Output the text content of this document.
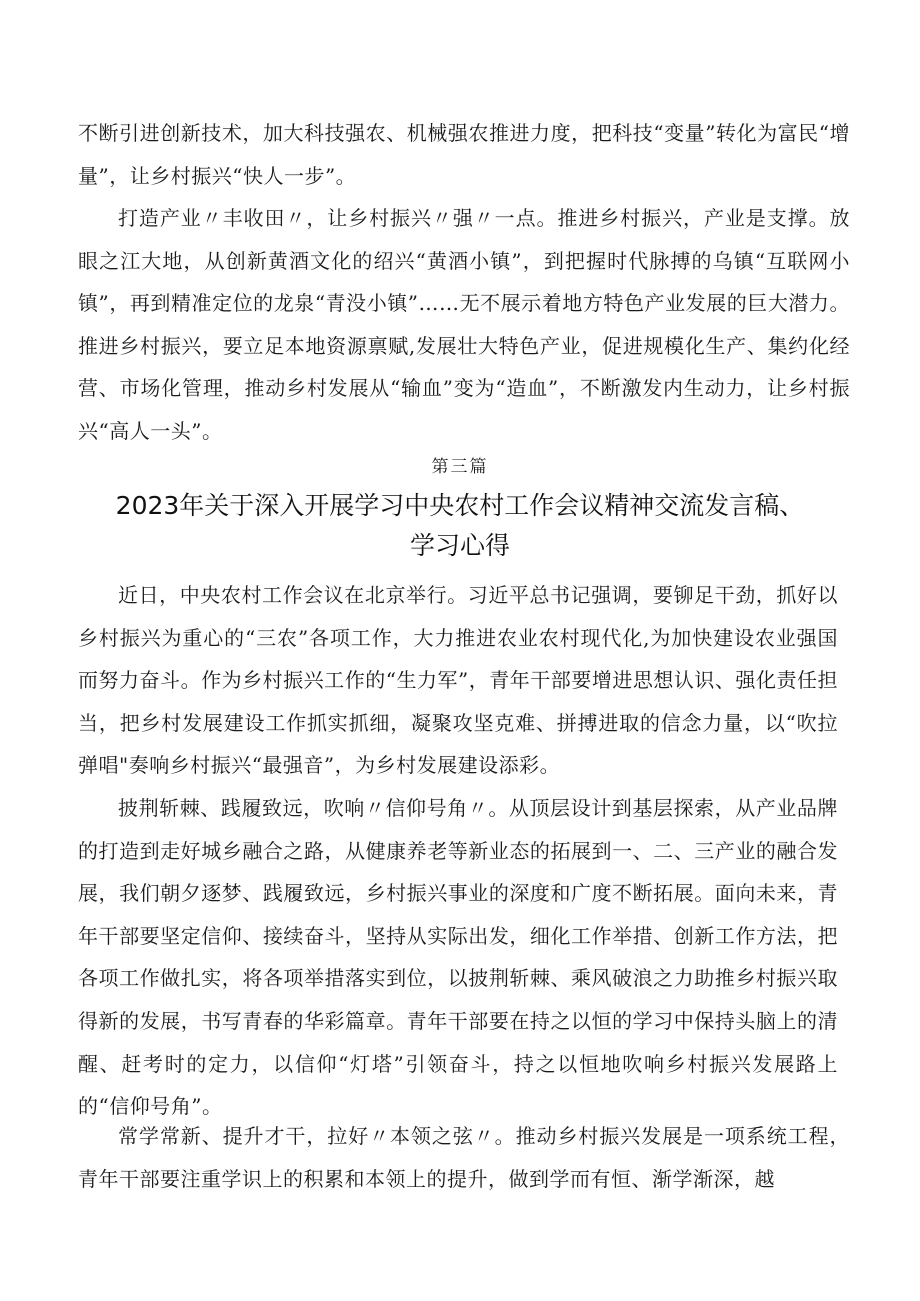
不断引进创新技术，加大科技强农、机械强农推进力度，把科技“变量”转化为富民“增量”，让乡村振兴“快人一步”。

打造产业〃丰收田〃，让乡村振兴〃强〃一点。推进乡村振兴，产业是支撑。放眼之江大地，从创新黄酒文化的绍兴“黄酒小镇”，到把握时代脉搏的乌镇“互联网小镇”，再到精准定位的龙泉“青没小镇”……无不展示着地方特色产业发展的巨大潜力。推进乡村振兴，要立足本地资源禀赋,发展壮大特色产业，促进规模化生产、集约化经营、市场化管理，推动乡村发展从“输血”变为“造血”，不断激发内生动力，让乡村振兴“高人一头”。

第三篇

2023年关于深入开展学习中央农村工作会议精神交流发言稿、
学习心得

近日，中央农村工作会议在北京举行。习近平总书记强调，要铆足干劲，抓好以乡村振兴为重心的“三农”各项工作，大力推进农业农村现代化,为加快建设农业强国而努力奋斗。作为乡村振兴工作的“生力军”，青年干部要增进思想认识、强化责任担当，把乡村发展建设工作抓实抓细，凝聚攻坚克难、拼搏进取的信念力量，以“吹拉弹唱"奏响乡村振兴“最强音”，为乡村发展建设添彩。

披荆斩棘、践履致远，吹响〃信仰号角〃。从顶层设计到基层探索，从产业品牌的打造到走好城乡融合之路，从健康养老等新业态的拓展到一、二、三产业的融合发展，我们朝夕逐梦、践履致远，乡村振兴事业的深度和广度不断拓展。面向未来，青年干部要坚定信仰、接续奋斗，坚持从实际出发，细化工作举措、创新工作方法，把各项工作做扎实，将各项举措落实到位，以披荆斩棘、乘风破浪之力助推乡村振兴取得新的发展，书写青春的华彩篇章。青年干部要在持之以恒的学习中保持头脑上的清醒、赶考时的定力，以信仰“灯塔”引领奋斗，持之以恒地吹响乡村振兴发展路上的“信仰号角”。

常学常新、提升才干，拉好〃本领之弦〃。推动乡村振兴发展是一项系统工程，青年干部要注重学识上的积累和本领上的提升，做到学而有恒、渐学渐深，越
